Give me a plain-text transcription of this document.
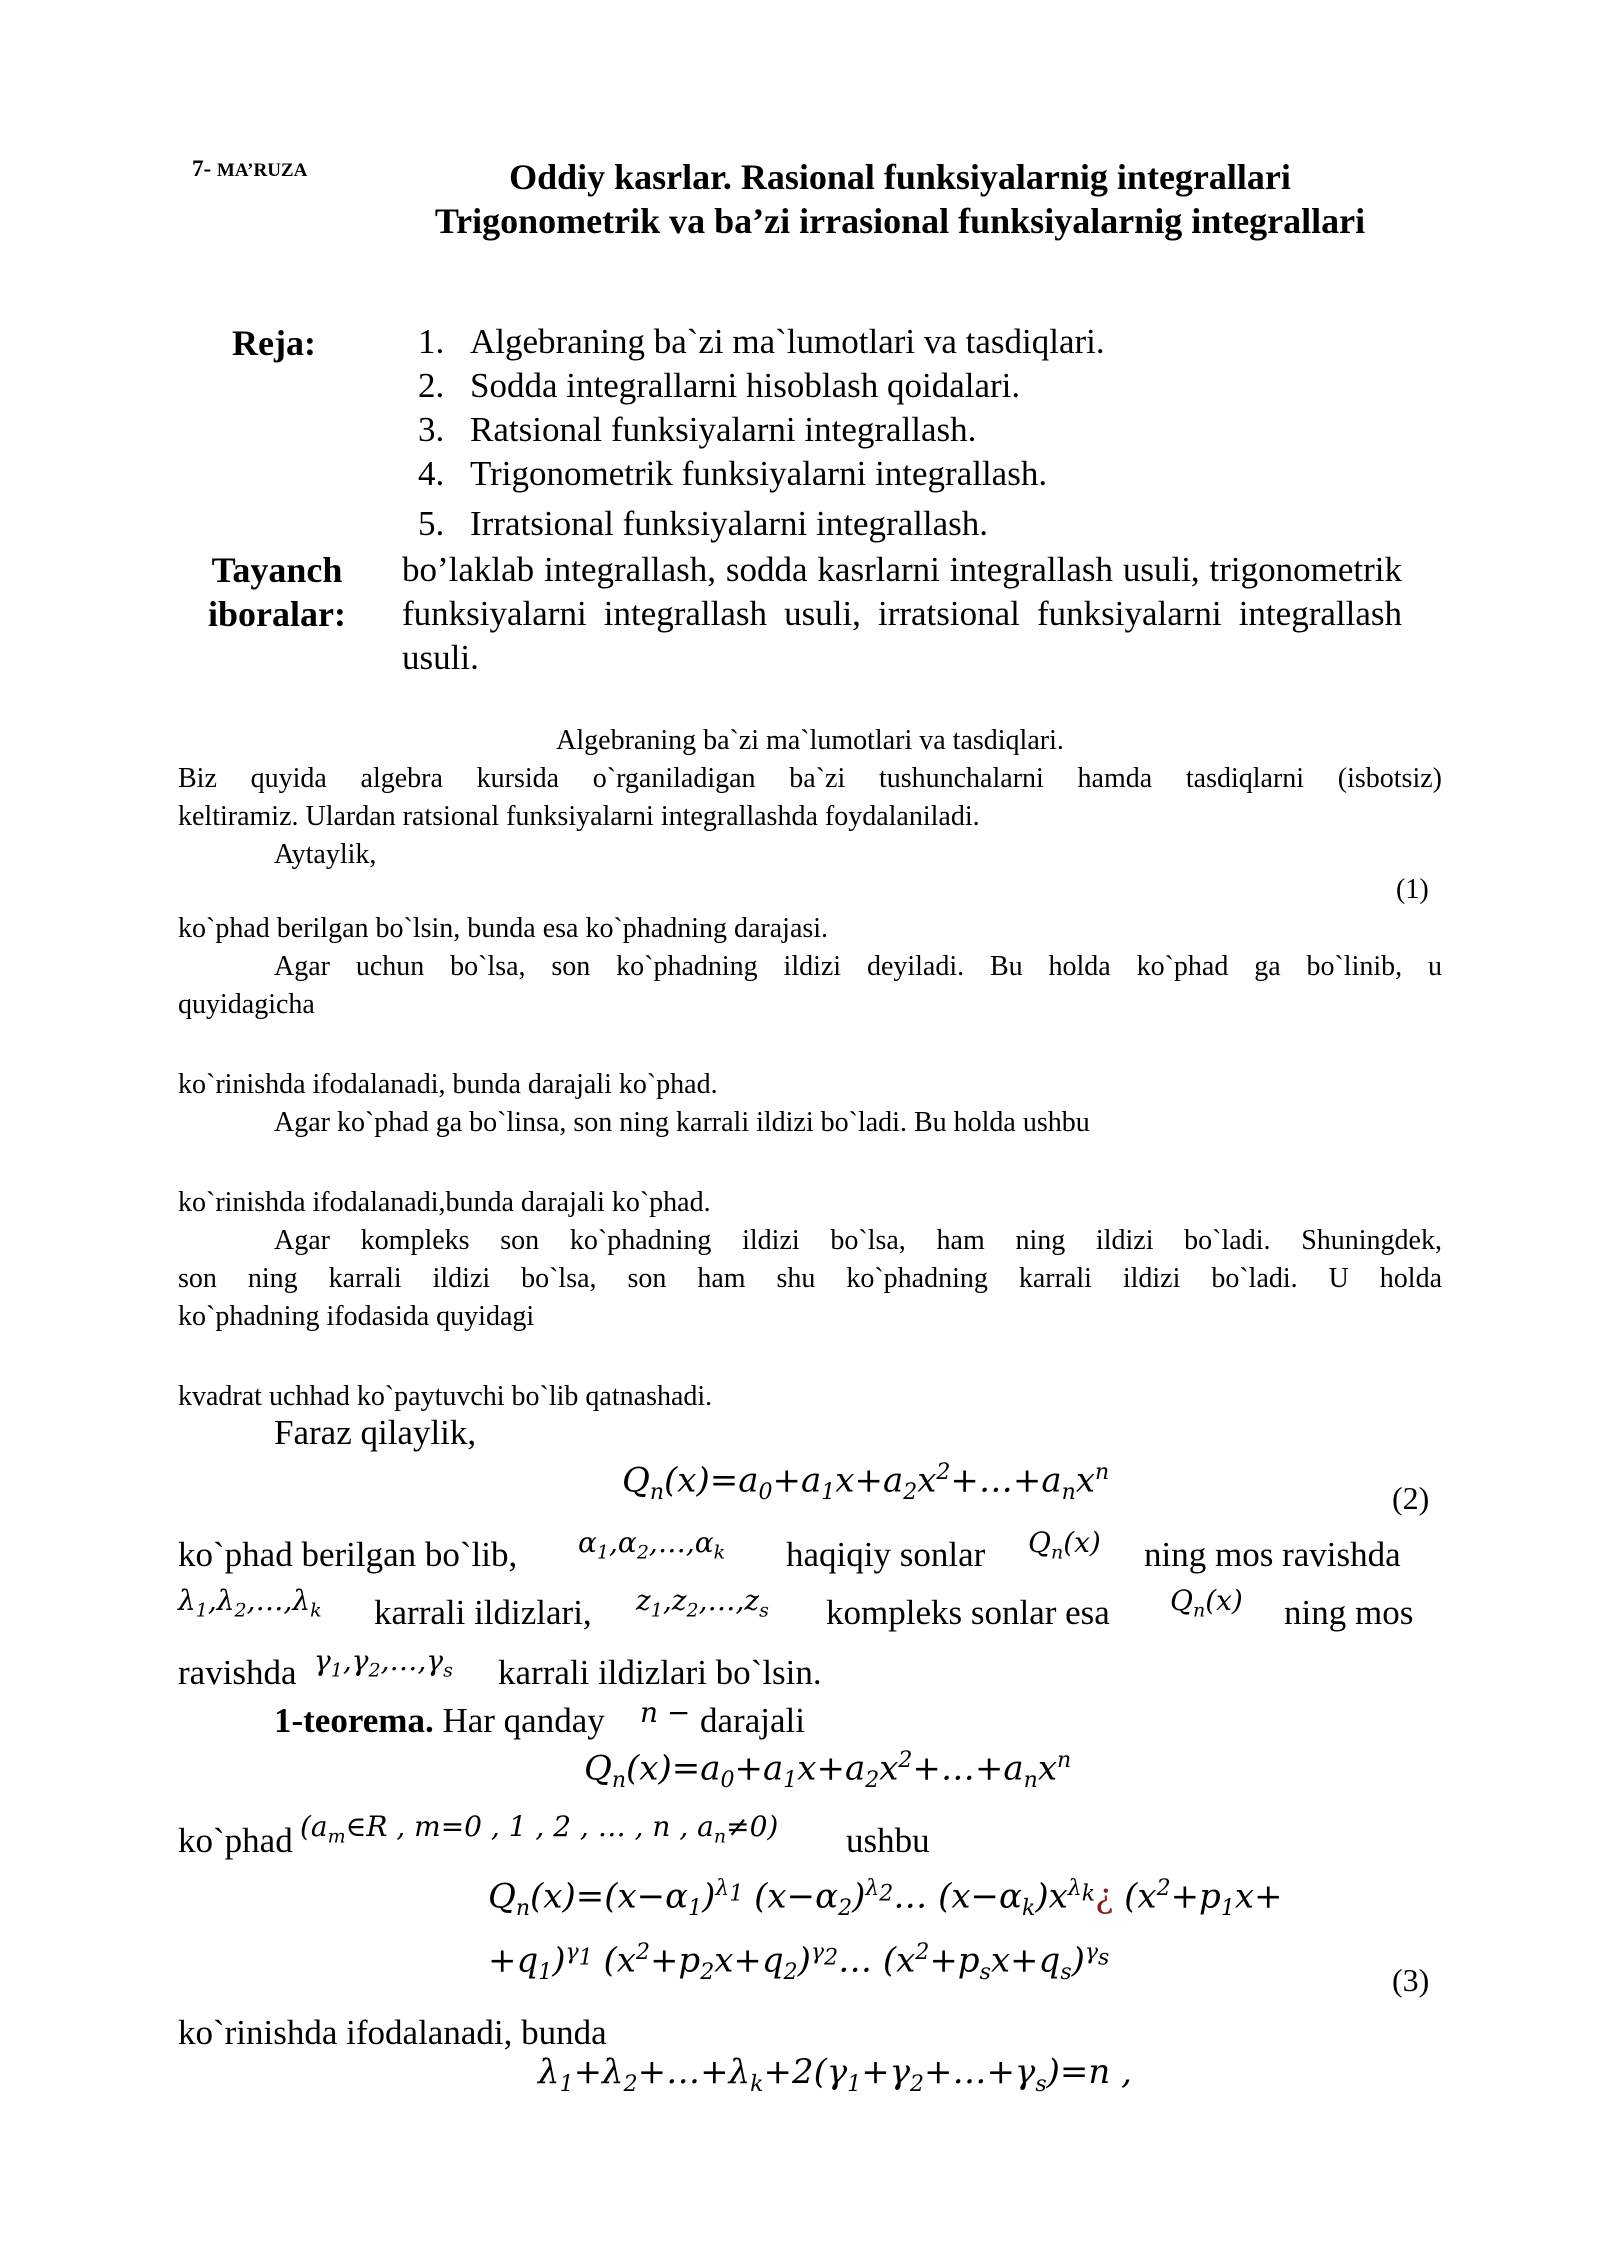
7- MA’RUZA	Oddiy kasrlar. Rasional funksiyalarnig integrallari
Trigonometrik va ba’zi irrasional funksiyalarnig integrallari
Reja:	1. Algebraning ba`zi ma`lumotlari va tasdiqlari.
2. Sodda integrallarni hisoblash qoidalari.
3. Ratsional funksiyalarni integrallash.
4. Trigonometrik funksiyalarni integrallash.
5. Irratsional funksiyalarni integrallash.
Tayanch
iboralar:
bo’laklab integrallash, sodda kasrlarni integrallash usuli, trigonometrik funksiyalarni integrallash usuli, irratsional funksiyalarni integrallash usuli.
Algebraning ba`zi ma`lumotlari va tasdiqlari.
Biz quyida algebra kursida o`rganiladigan ba`zi tushunchalarni hamda tasdiqlarni (isbotsiz)
keltiramiz. Ulardan ratsional funksiyalarni integrallashda foydalaniladi.
Aytaylik,
(1)
ko`phad berilgan bo`lsin, bunda esa ko`phadning darajasi.
Agar uchun bo`lsa, son ko`phadning ildizi deyiladi. Bu holda ko`phad ga bo`linib, u
quyidagicha
ko`rinishda ifodalanadi, bunda darajali ko`phad.
Agar ko`phad ga bo`linsa, son ning karrali ildizi bo`ladi. Bu holda ushbu
ko`rinishda ifodalanadi,bunda darajali ko`phad.
Agar kompleks son ko`phadning ildizi bo`lsa, ham ning ildizi bo`ladi. Shuningdek,
son ning karrali ildizi bo`lsa, son ham shu ko`phadning karrali ildizi bo`ladi. U holda
ko`phadning ifodasida quyidagi
kvadrat uchhad ko`paytuvchi bo`lib qatnashadi.
Faraz qilaylik,
$Q_n(x)=a_0+a_1x+a_2x^2+\dots+a_nx^n$
(2)
ko`phad berilgan bo`lib, $\alpha_1,\alpha_2,\dots,\alpha_k$ haqiqiy sonlar $Q_n(x)$ ning mos ravishda
$\lambda_1,\lambda_2,\dots,\lambda_k$ karrali ildizlari, $z_1,z_2,\dots,z_s$ kompleks sonlar esa $Q_n(x)$ ning mos
ravishda $\gamma_1,\gamma_2,\dots,\gamma_s$ karrali ildizlari bo`lsin.
1-teorema. Har qanday n − darajali
$Q_n(x)=a_0+a_1x+a_2x^2+\dots+a_nx^n$
ko`phad ($a_m\in R$ , m=0 , 1 , 2 , … , n , $a_n\ne 0$) ushbu
$Q_n(x)=(x-\alpha_1)^{\lambda_1}$ $(x-\alpha_2)^{\lambda_2}\dots$ $(x-\alpha_k)x^{\lambda_k}¿$ ($x^2+p_1x+$
$+q_1)^{\gamma_1}$ $(x^2+p_2x+q_2)^{\gamma_2}\dots$ $(x^2+p_sx+q_s)^{\gamma_s}$
(3)
ko`rinishda ifodalanadi, bunda
$\lambda_1+\lambda_2+\dots+\lambda_k+2(\gamma_1+\gamma_2+\dots+\gamma_s)=n$ ,
